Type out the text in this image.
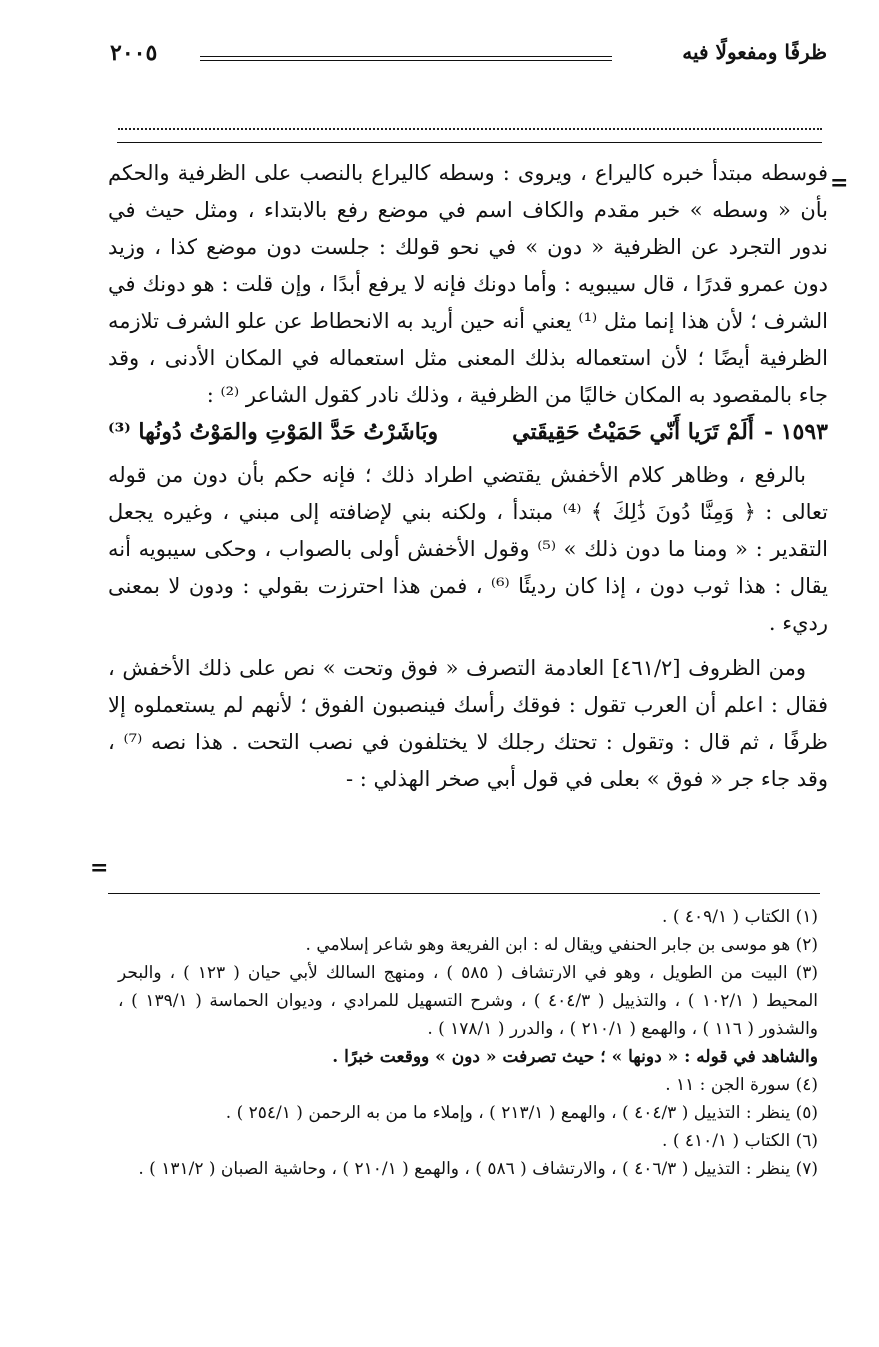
ظرفًا ومفعولًا فيه
٢٠٠٥
=

فوسطه مبتدأ خبره كاليراع ، ويروى : وسطه كاليراع بالنصب على الظرفية والحكم بأن « وسطه » خبر مقدم والكاف اسم في موضع رفع بالابتداء ، ومثل حيث في ندور التجرد عن الظرفية « دون » في نحو قولك : جلست دون موضع كذا ، وزيد دون عمرو قدرًا ، قال سيبويه : وأما دونك فإنه لا يرفع أبدًا ، وإن قلت : هو دونك في الشرف ؛ لأن هذا إنما مثل ⁽¹⁾ يعني أنه حين أريد به الانحطاط عن علو الشرف تلازمه الظرفية أيضًا ؛ لأن استعماله بذلك المعنى مثل استعماله في المكان الأدنى ، وقد جاء بالمقصود به المكان خاليًا من الظرفية ، وذلك نادر كقول الشاعر ⁽²⁾ :

١٥٩٣ -
أَلَمْ تَرَيا أَنّي حَمَيْتُ حَقِيقَتي
وبَاشَرْتُ حَدَّ المَوْتِ والمَوْتُ دُونُها ⁽³⁾

بالرفع ، وظاهر كلام الأخفش يقتضي اطراد ذلك ؛ فإنه حكم بأن دون من قوله تعالى : ﴿ وَمِنَّا دُونَ ذَٰلِكَ ﴾ ⁽⁴⁾ مبتدأ ، ولكنه بني لإضافته إلى مبني ، وغيره يجعل التقدير : « ومنا ما دون ذلك » ⁽⁵⁾ وقول الأخفش أولى بالصواب ، وحكى سيبويه أنه يقال : هذا ثوب دون ، إذا كان رديئًا ⁽⁶⁾ ، فمن هذا احترزت بقولي : ودون لا بمعنى رديء .

ومن الظروف [٤٦١/٢] العادمة التصرف « فوق وتحت » نص على ذلك الأخفش ، فقال : اعلم أن العرب تقول : فوقك رأسك فينصبون الفوق ؛ لأنهم لم يستعملوه إلا ظرفًا ، ثم قال : وتقول : تحتك رجلك لا يختلفون في نصب التحت . هذا نصه ⁽⁷⁾ ، وقد جاء جر « فوق » بعلى في قول أبي صخر الهذلي : -

=

(١) الكتاب ( ٤٠٩/١ ) .

(٢) هو موسى بن جابر الحنفي ويقال له : ابن الفريعة وهو شاعر إسلامي .

(٣) البيت من الطويل ، وهو في الارتشاف ( ٥٨٥ ) ، ومنهج السالك لأبي حيان ( ١٢٣ ) ، والبحر المحيط ( ١٠٢/١ ) ، والتذييل ( ٤٠٤/٣ ) ، وشرح التسهيل للمرادي ، وديوان الحماسة ( ١٣٩/١ ) ، والشذور ( ١١٦ ) ، والهمع ( ٢١٠/١ ) ، والدرر ( ١٧٨/١ ) .

والشاهد في قوله : « دونها » ؛ حيث تصرفت « دون » ووقعت خبرًا .

(٤) سورة الجن : ١١ .

(٥) ينظر : التذييل ( ٤٠٤/٣ ) ، والهمع ( ٢١٣/١ ) ، وإملاء ما من به الرحمن ( ٢٥٤/١ ) .

(٦) الكتاب ( ٤١٠/١ ) .

(٧) ينظر : التذييل ( ٤٠٦/٣ ) ، والارتشاف ( ٥٨٦ ) ، والهمع ( ٢١٠/١ ) ، وحاشية الصبان ( ١٣١/٢ ) .
